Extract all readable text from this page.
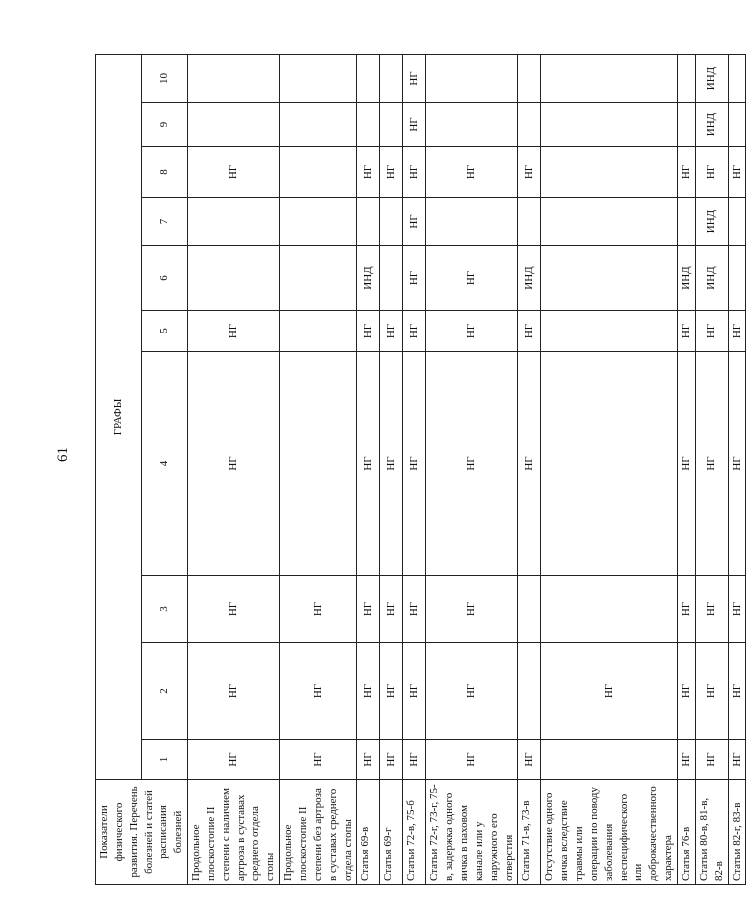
61
Показатели физического развития. Перечень болезней и статей расписания болезней	ГРАФЫ									
	1	2	3	4	5	6	7	8	9	10
Продольное плоскостопие II степени с наличием артроза в суставах среднего отдела стопы	НГ	НГ	НГ	НГ	НГ			НГ		
Продольное плоскостопие II степени без артроза в суставах среднего отдела стопы	НГ	НГ	НГ							
Статья 69-в	НГ	НГ	НГ	НГ	НГ	ИНД		НГ		
Статья 69-г	НГ	НГ	НГ	НГ	НГ			НГ		
Статьи 72-в, 75-б	НГ	НГ	НГ	НГ	НГ	НГ	НГ	НГ	НГ	НГ
Статьи 72-г, 73-г, 75-в, задержка одного яичка в паховом канале или у наружного его отверстия	НГ	НГ	НГ	НГ	НГ	НГ		НГ		
Статьи 71-в, 73-в	НГ			НГ	НГ	ИНД		НГ		
Отсутствие одного яичка вследствие травмы или операции по поводу заболевания неспецифического или доброкачественного характера		НГ								
Статья 76-в	НГ	НГ	НГ	НГ	НГ	ИНД		НГ		
Статьи 80-в, 81-в, 82-в	НГ	НГ	НГ	НГ	НГ	ИНД	ИНД	НГ	ИНД	ИНД
Статьи 82-г, 83-в	НГ	НГ	НГ	НГ	НГ			НГ		
